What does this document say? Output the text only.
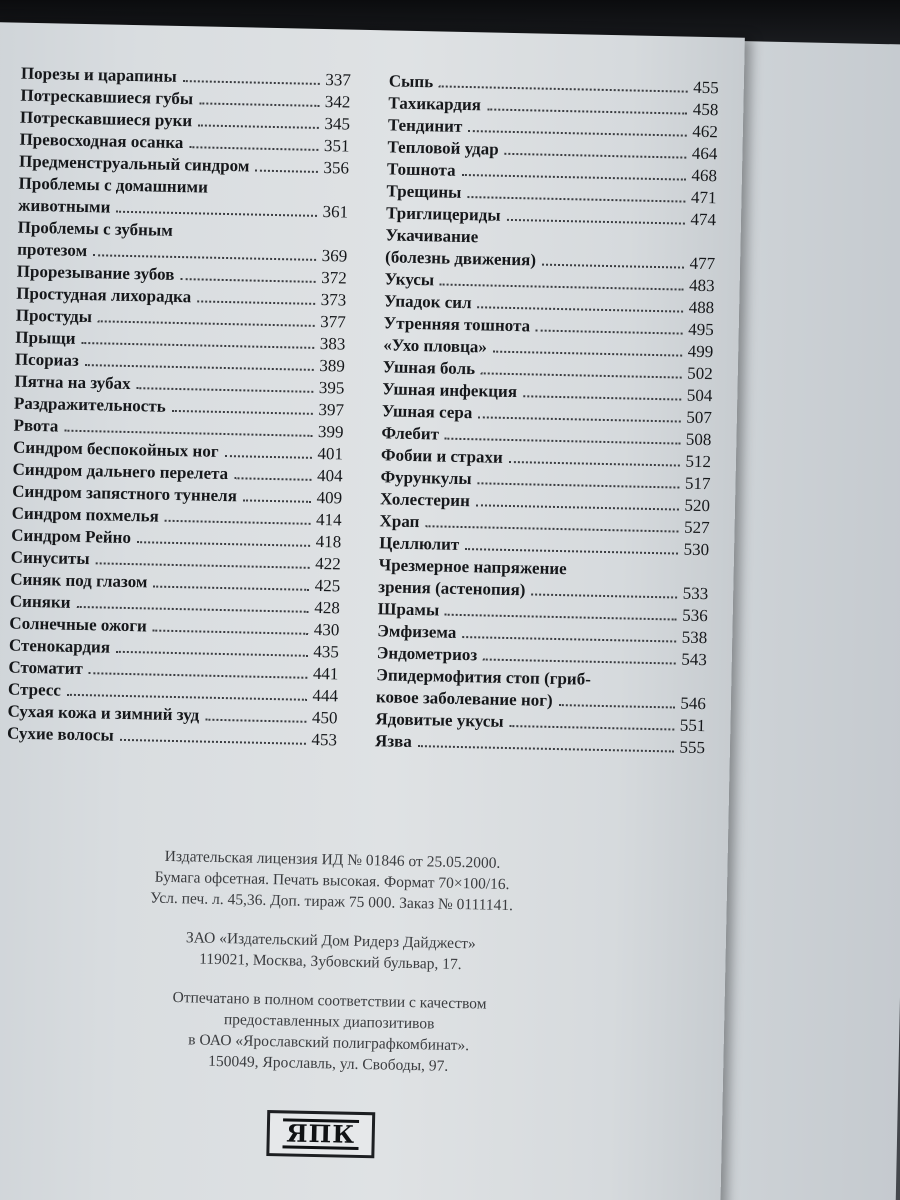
Порезы и царапины	337
Потрескавшиеся губы	342
Потрескавшиеся руки	345
Превосходная осанка	351
Предменструальный синдром	356
Проблемы с домашними
животными	361
Проблемы с зубным
протезом	369
Прорезывание зубов	372
Простудная лихорадка	373
Простуды	377
Прыщи	383
Псориаз	389
Пятна на зубах	395
Раздражительность	397
Рвота	399
Синдром беспокойных ног	401
Синдром дальнего перелета	404
Синдром запястного туннеля	409
Синдром похмелья	414
Синдром Рейно	418
Синуситы	422
Синяк под глазом	425
Синяки	428
Солнечные ожоги	430
Стенокардия	435
Стоматит	441
Стресс	444
Сухая кожа и зимний зуд	450
Сухие волосы	453
Сыпь	455
Тахикардия	458
Тендинит	462
Тепловой удар	464
Тошнота	468
Трещины	471
Триглицериды	474
Укачивание
(болезнь движения)	477
Укусы	483
Упадок сил	488
Утренняя тошнота	495
«Ухо пловца»	499
Ушная боль	502
Ушная инфекция	504
Ушная сера	507
Флебит	508
Фобии и страхи	512
Фурункулы	517
Холестерин	520
Храп	527
Целлюлит	530
Чрезмерное напряжение
зрения (астенопия)	533
Шрамы	536
Эмфизема	538
Эндометриоз	543
Эпидермофития стоп (гриб-
ковое заболевание ног)	546
Ядовитые укусы	551
Язва	555
Издательская лицензия ИД № 01846 от 25.05.2000.
Бумага офсетная. Печать высокая. Формат 70×100/16.
Усл. печ. л. 45,36. Доп. тираж 75 000. Заказ № 0111141.
ЗАО «Издательский Дом Ридерз Дайджест»
119021, Москва, Зубовский бульвар, 17.
Отпечатано в полном соответствии с качеством
предоставленных диапозитивов
в ОАО «Ярославский полиграфкомбинат».
150049, Ярославль, ул. Свободы, 97.
ЯПК
